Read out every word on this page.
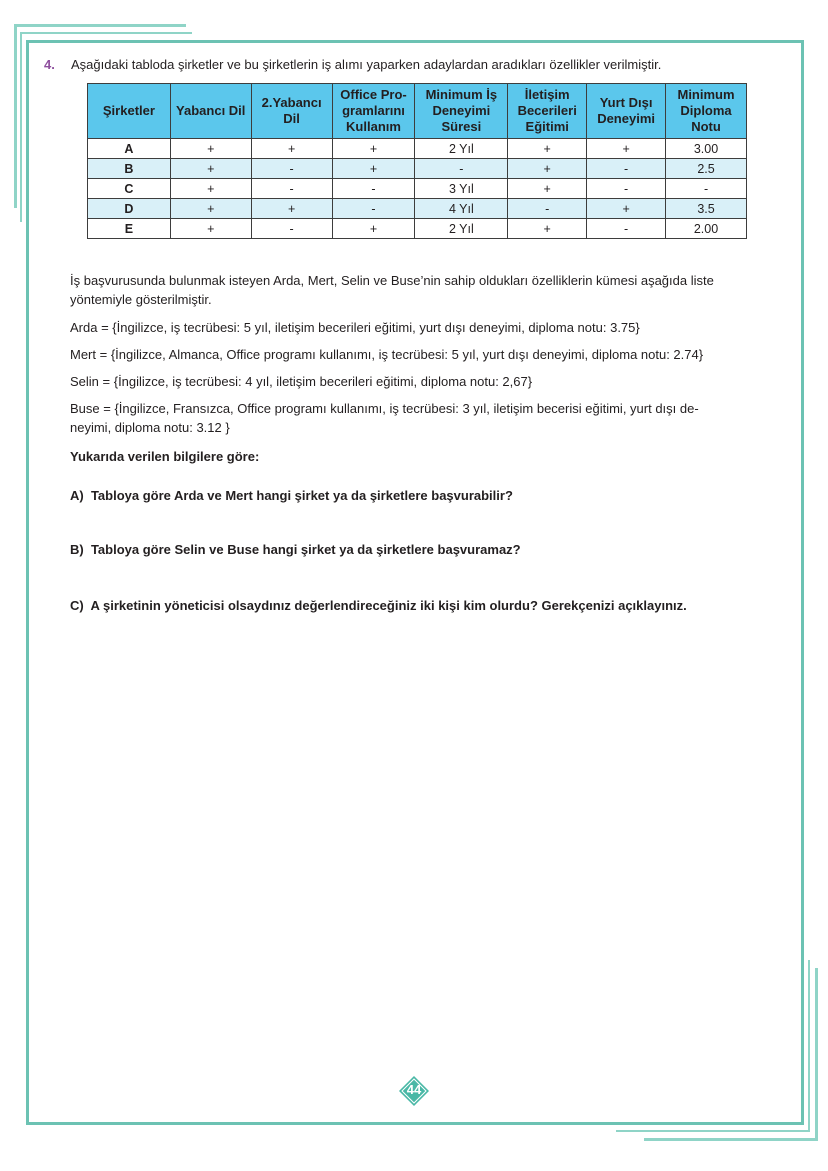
4.	Aşağıdaki tabloda şirketler ve bu şirketlerin iş alımı yaparken adaylardan aradıkları özellikler verilmiştir.
Şirketler	Yabancı Dil	2.Yabancı Dil	Office Pro-gramlarını Kullanım	Minimum İş Deneyimi Süresi	İletişim Becerileri Eğitimi	Yurt Dışı Deneyimi	Minimum Diploma Notu
A	+	+	+	2 Yıl	+	+	3.00
B	+	-	+	-	+	-	2.5
C	+	-	-	3 Yıl	+	-	-
D	+	+	-	4 Yıl	-	+	3.5
E	+	-	+	2 Yıl	+	-	2.00
İş başvurusunda bulunmak isteyen Arda, Mert, Selin ve Buse’nin sahip oldukları özelliklerin kümesi aşağıda liste yöntemiyle gösterilmiştir.
Arda = {İngilizce, iş tecrübesi: 5 yıl, iletişim becerileri eğitimi, yurt dışı deneyimi, diploma notu: 3.75}
Mert = {İngilizce, Almanca, Office programı kullanımı, iş tecrübesi: 5 yıl, yurt dışı deneyimi, diploma notu: 2.74}
Selin = {İngilizce, iş tecrübesi: 4 yıl, iletişim becerileri eğitimi, diploma notu: 2,67}
Buse = {İngilizce, Fransızca, Office programı kullanımı, iş tecrübesi: 3 yıl, iletişim becerisi eğitimi, yurt dışı de-
neyimi, diploma notu: 3.12 }
Yukarıda verilen bilgilere göre:
A) Tabloya göre Arda ve Mert hangi şirket ya da şirketlere başvurabilir?
B) Tabloya göre Selin ve Buse hangi şirket ya da şirketlere başvuramaz?
C) A şirketinin yöneticisi olsaydınız değerlendireceğiniz iki kişi kim olurdu? Gerekçenizi açıklayınız.
44
